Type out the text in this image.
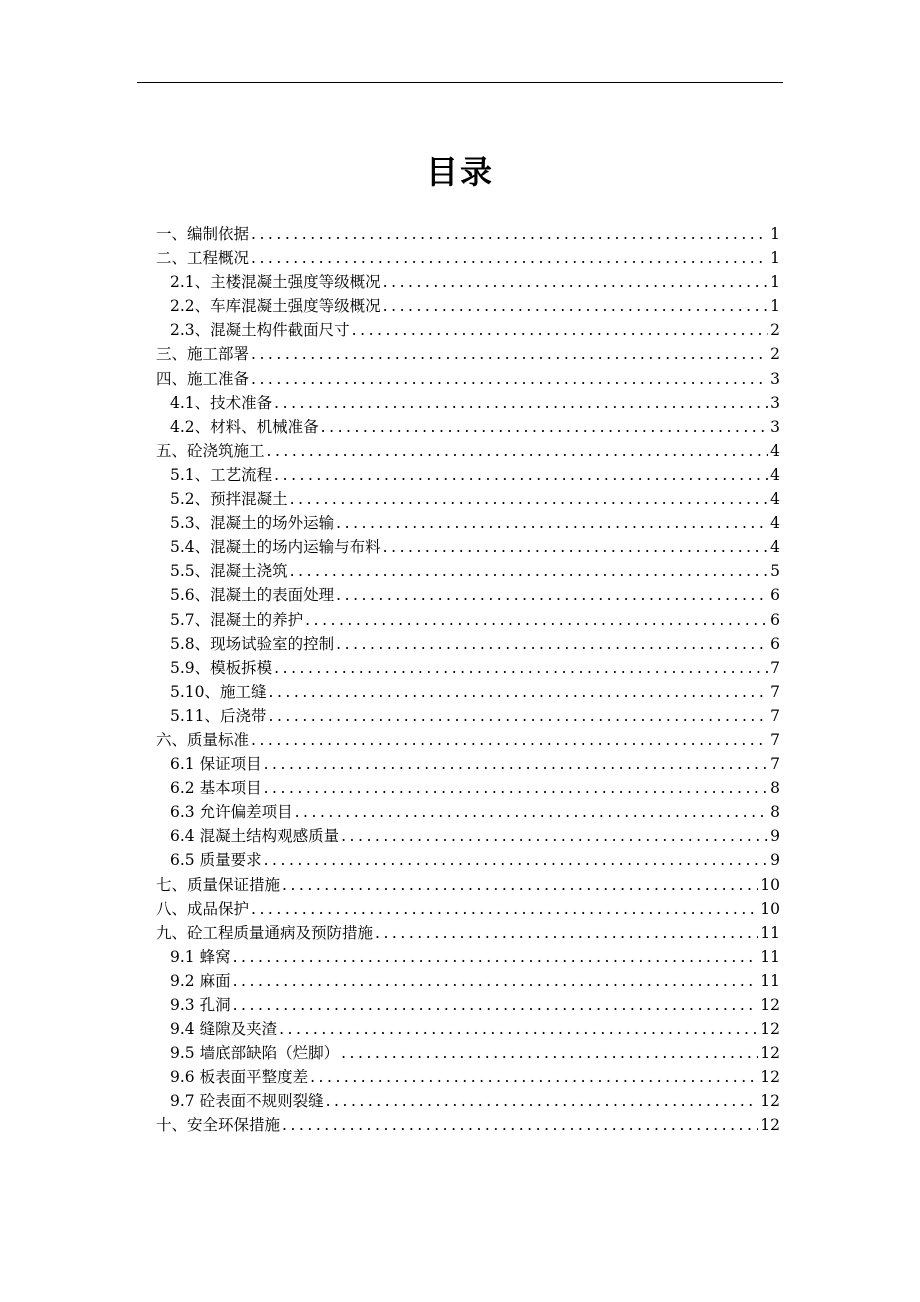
目录
一、编制依据 . . .	1
二、工程概况 . . .	1
2.1、主楼混凝土强度等级概况 . . .	1
2.2、车库混凝土强度等级概况 . . .	1
2.3、混凝土构件截面尺寸 . . .	2
三、施工部署 . . .	2
四、施工准备 . . .	3
4.1、技术准备 . . .	3
4.2、材料、机械准备 . . .	3
五、砼浇筑施工 . . .	4
5.1、工艺流程 . . .	4
5.2、预拌混凝土 . . .	4
5.3、混凝土的场外运输 . . .	4
5.4、混凝土的场内运输与布料 . . .	4
5.5、混凝土浇筑 . . .	5
5.6、混凝土的表面处理 . . .	6
5.7、混凝土的养护 . . .	6
5.8、现场试验室的控制 . . .	6
5.9、模板拆模 . . .	7
5.10、施工缝 . . .	7
5.11、后浇带 . . .	7
六、质量标准 . . .	7
6.1 保证项目 . . .	7
6.2 基本项目 . . .	8
6.3 允许偏差项目 . . .	8
6.4 混凝土结构观感质量 . . .	9
6.5 质量要求 . . .	9
七、质量保证措施 . . .	10
八、成品保护 . . .	10
九、砼工程质量通病及预防措施 . . .	11
9.1 蜂窝 . . .	11
9.2 麻面 . . .	11
9.3 孔洞 . . .	12
9.4 缝隙及夹渣 . . .	12
9.5 墙底部缺陷（烂脚） . . .	12
9.6 板表面平整度差 . . .	12
9.7 砼表面不规则裂缝 . . .	12
十、安全环保措施 . . .	12
